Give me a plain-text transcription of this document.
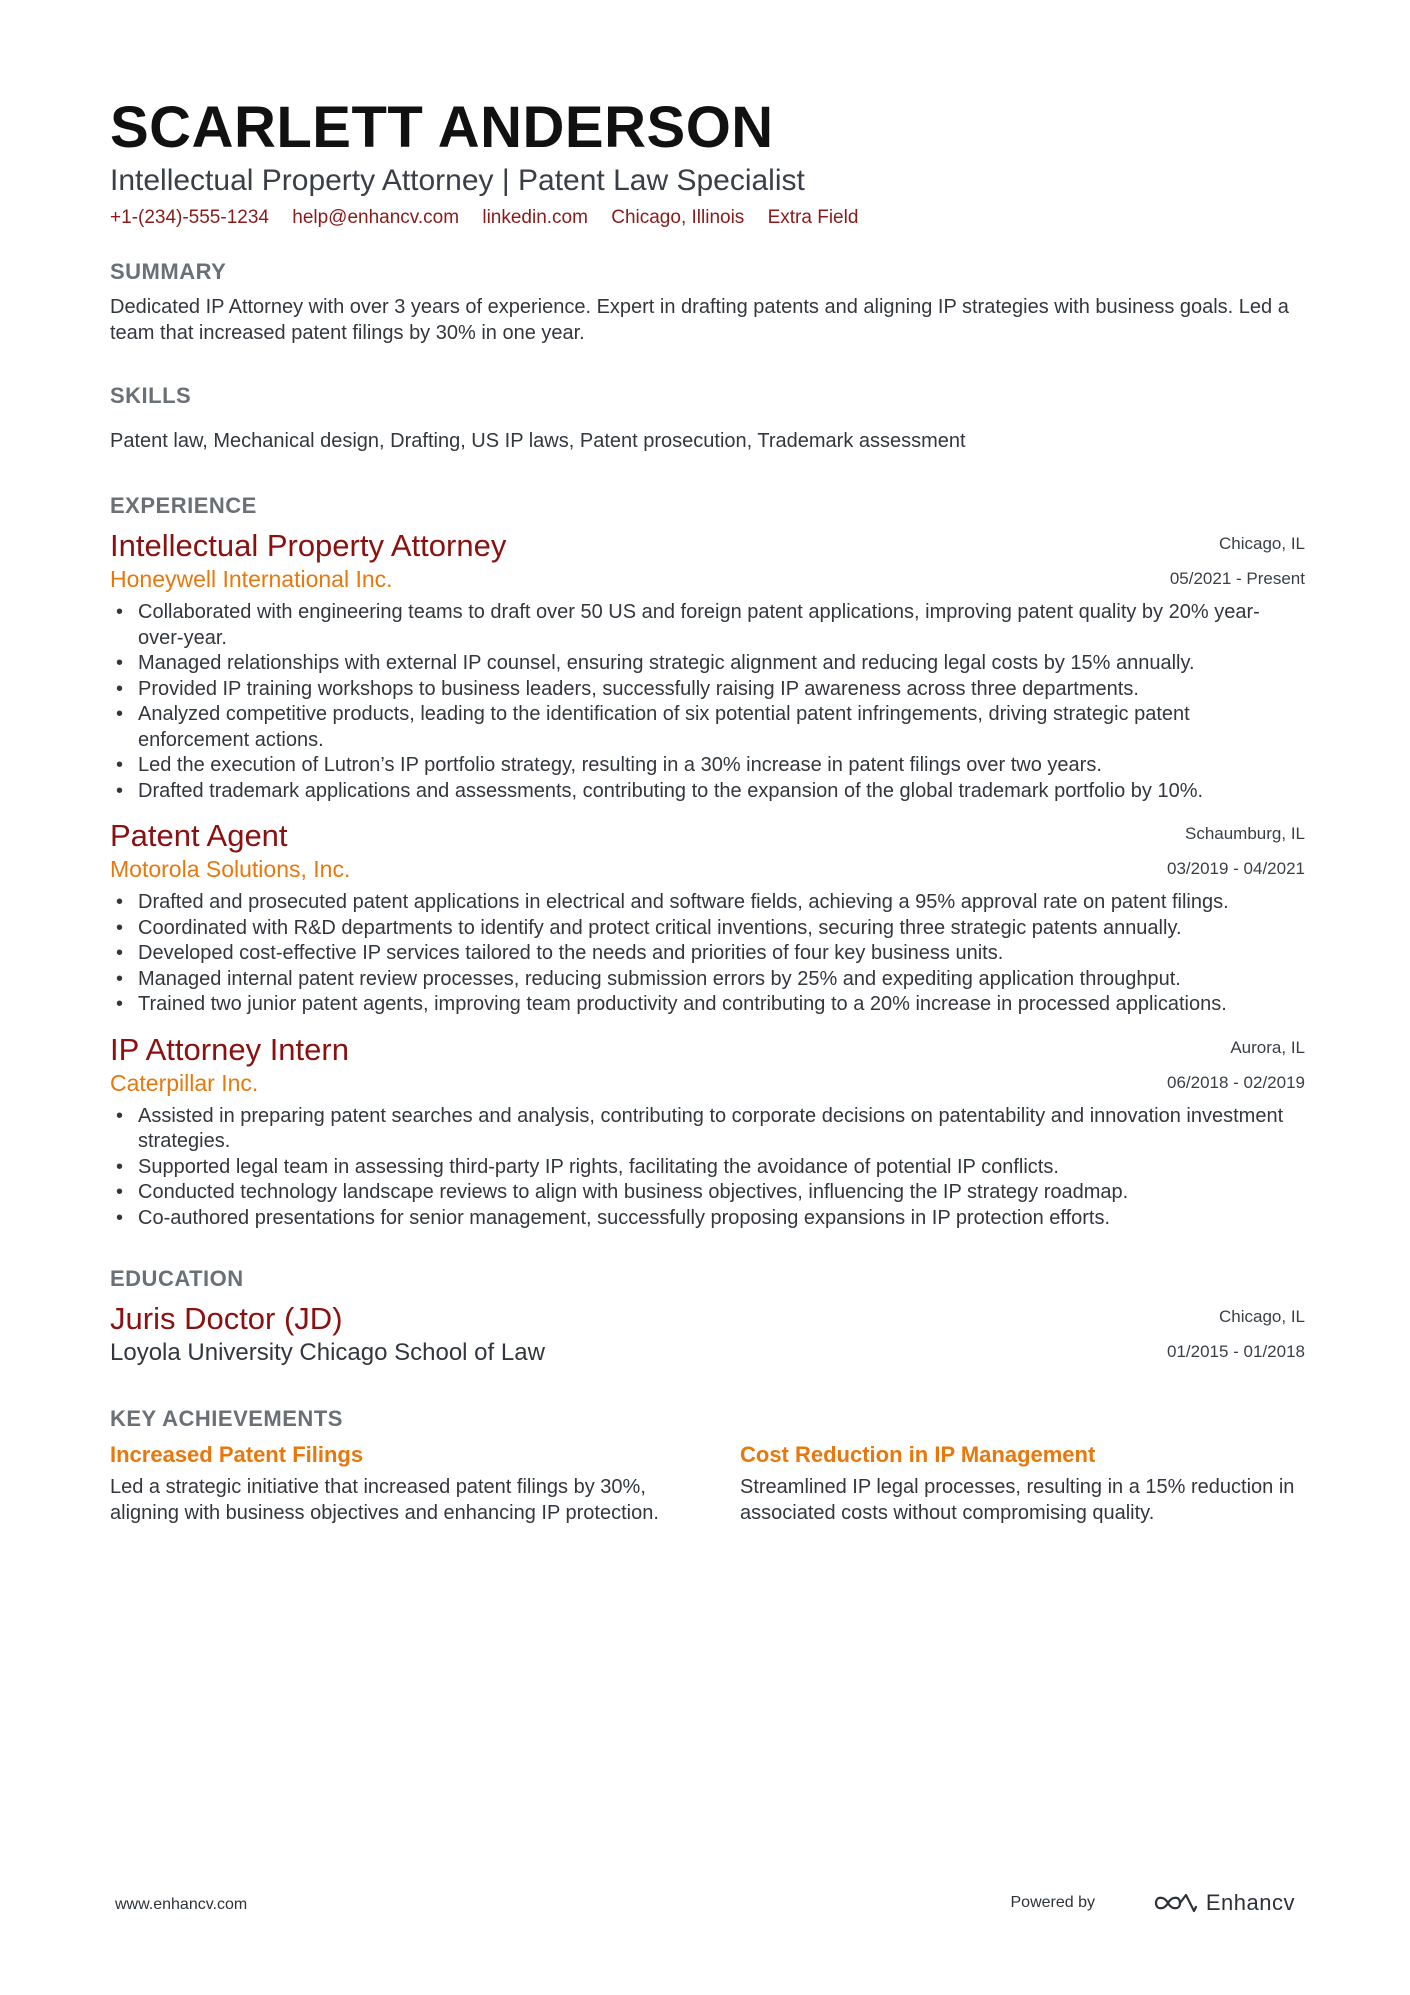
SCARLETT ANDERSON
Intellectual Property Attorney | Patent Law Specialist
+1-(234)-555-1234 help@enhancv.com linkedin.com Chicago, Illinois Extra Field
SUMMARY
Dedicated IP Attorney with over 3 years of experience. Expert in drafting patents and aligning IP strategies with business goals. Led a team that increased patent filings by 30% in one year.
SKILLS
Patent law, Mechanical design, Drafting, US IP laws, Patent prosecution, Trademark assessment
EXPERIENCE
Intellectual Property Attorney
Honeywell International Inc.
Chicago, IL
05/2021 - Present
• Collaborated with engineering teams to draft over 50 US and foreign patent applications, improving patent quality by 20% year-over-year.
• Managed relationships with external IP counsel, ensuring strategic alignment and reducing legal costs by 15% annually.
• Provided IP training workshops to business leaders, successfully raising IP awareness across three departments.
• Analyzed competitive products, leading to the identification of six potential patent infringements, driving strategic patent enforcement actions.
• Led the execution of Lutron’s IP portfolio strategy, resulting in a 30% increase in patent filings over two years.
• Drafted trademark applications and assessments, contributing to the expansion of the global trademark portfolio by 10%.
Patent Agent
Motorola Solutions, Inc.
Schaumburg, IL
03/2019 - 04/2021
• Drafted and prosecuted patent applications in electrical and software fields, achieving a 95% approval rate on patent filings.
• Coordinated with R&D departments to identify and protect critical inventions, securing three strategic patents annually.
• Developed cost-effective IP services tailored to the needs and priorities of four key business units.
• Managed internal patent review processes, reducing submission errors by 25% and expediting application throughput.
• Trained two junior patent agents, improving team productivity and contributing to a 20% increase in processed applications.
IP Attorney Intern
Caterpillar Inc.
Aurora, IL
06/2018 - 02/2019
• Assisted in preparing patent searches and analysis, contributing to corporate decisions on patentability and innovation investment strategies.
• Supported legal team in assessing third-party IP rights, facilitating the avoidance of potential IP conflicts.
• Conducted technology landscape reviews to align with business objectives, influencing the IP strategy roadmap.
• Co-authored presentations for senior management, successfully proposing expansions in IP protection efforts.
EDUCATION
Juris Doctor (JD)
Loyola University Chicago School of Law
Chicago, IL
01/2015 - 01/2018
KEY ACHIEVEMENTS
Increased Patent Filings
Led a strategic initiative that increased patent filings by 30%, aligning with business objectives and enhancing IP protection.
Cost Reduction in IP Management
Streamlined IP legal processes, resulting in a 15% reduction in associated costs without compromising quality.
www.enhancv.com	Powered by	Enhancv
